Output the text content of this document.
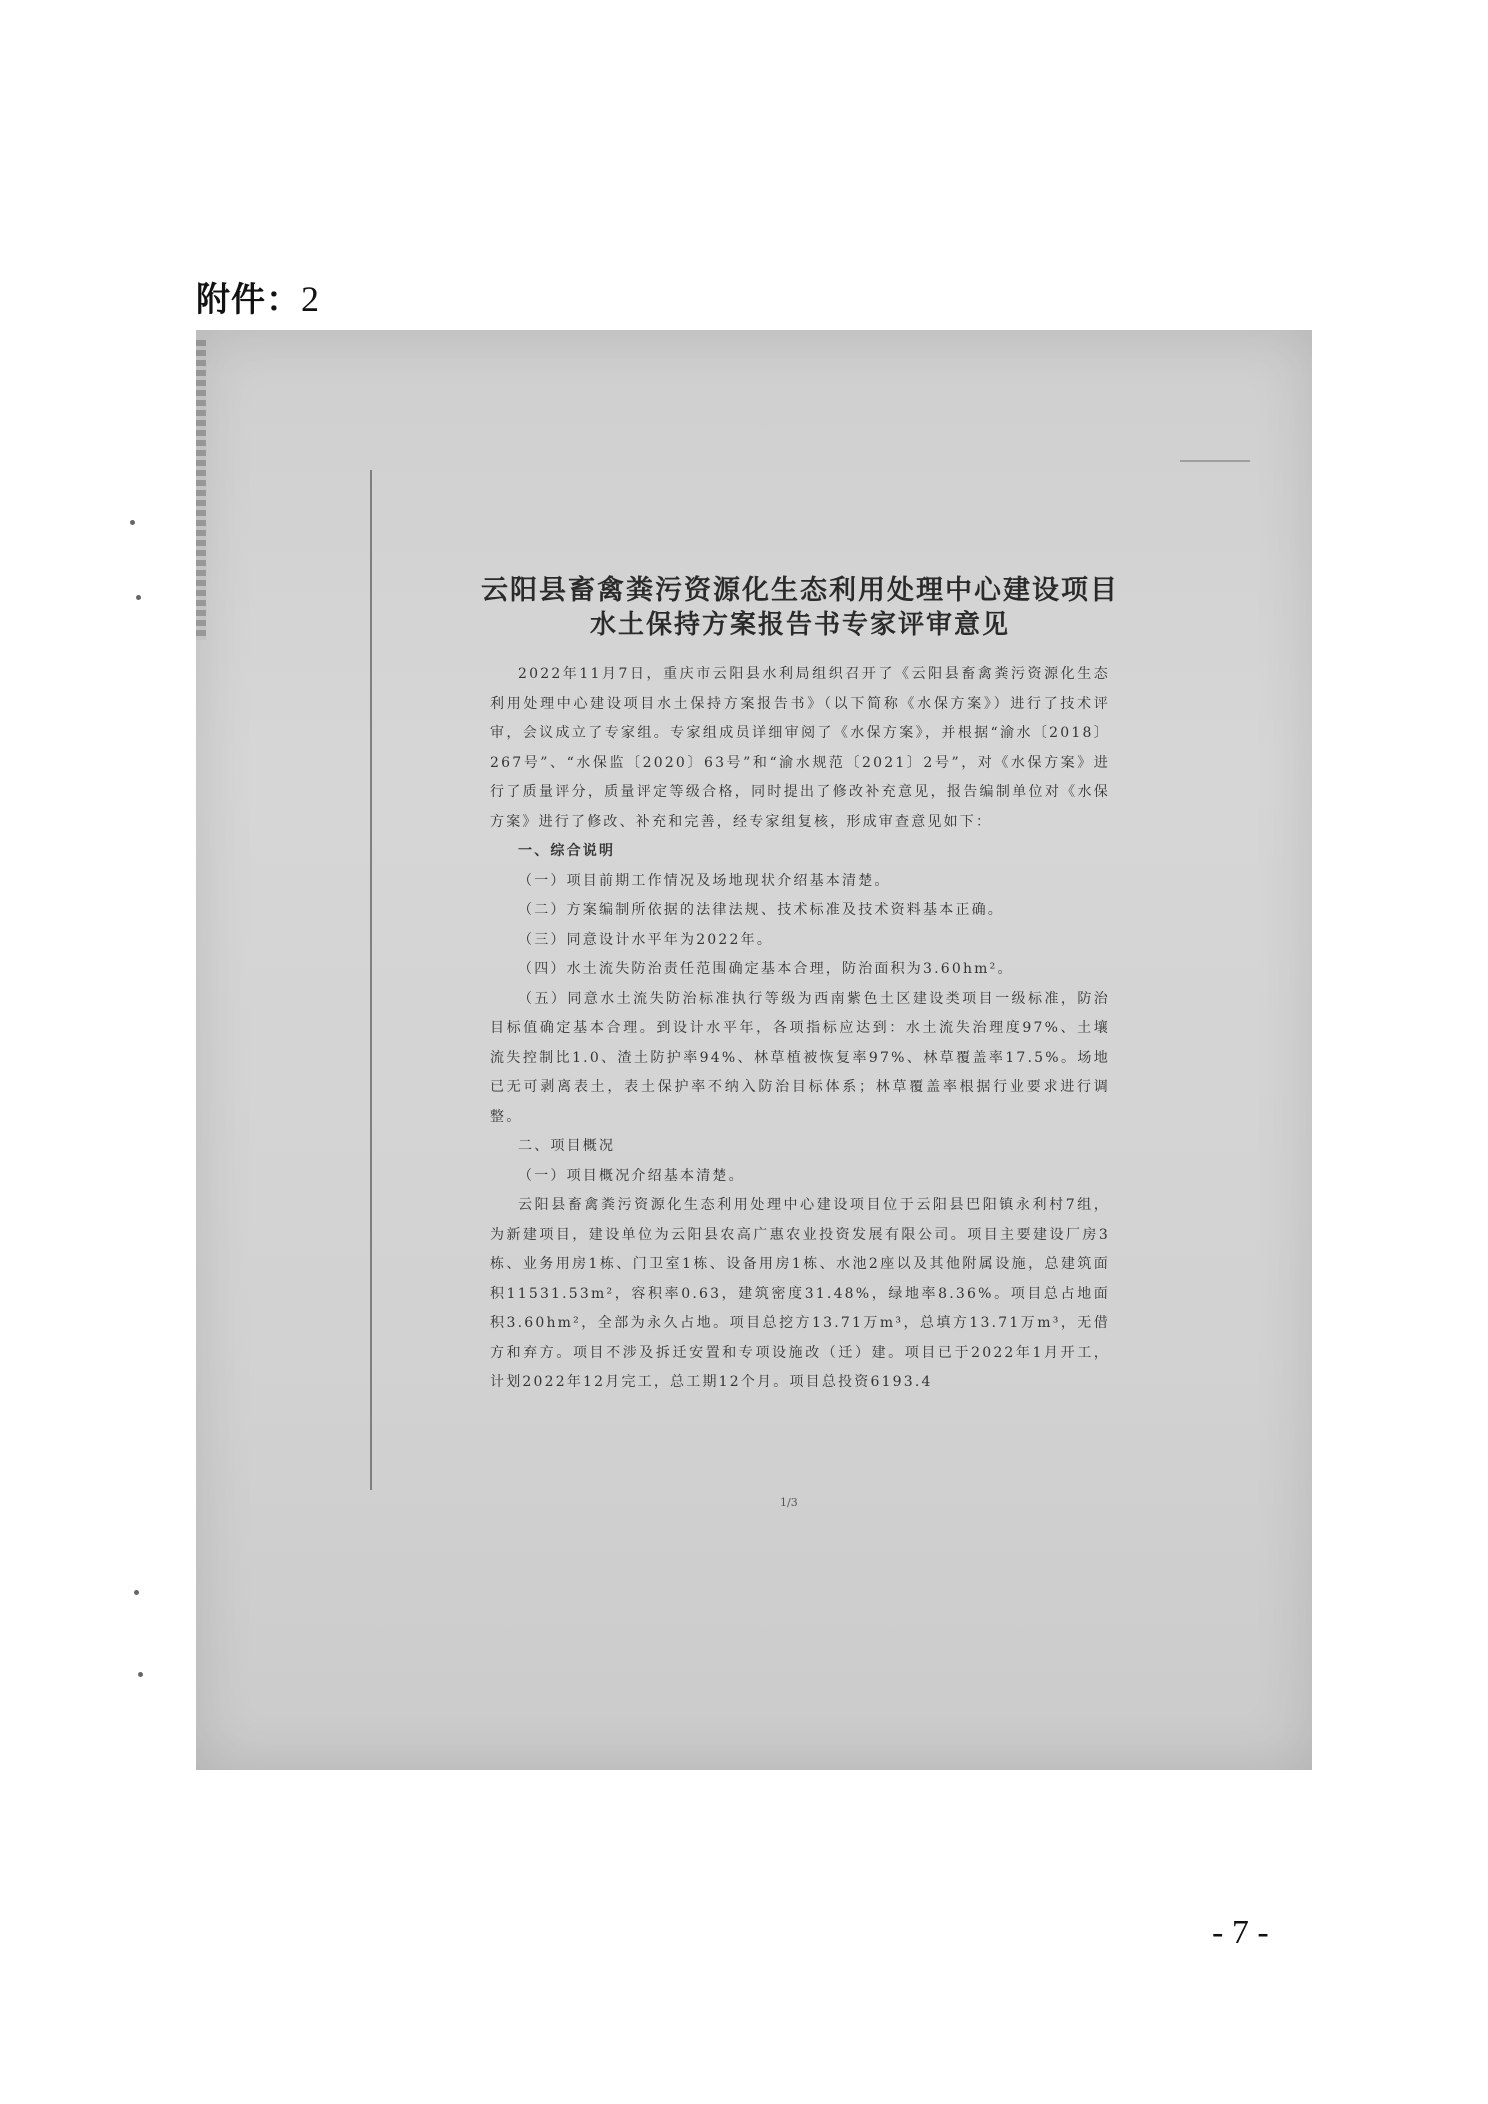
附件：2
云阳县畜禽粪污资源化生态利用处理中心建设项目
水土保持方案报告书专家评审意见

2022年11月7日，重庆市云阳县水利局组织召开了《云阳县畜禽粪污资源化生态利用处理中心建设项目水土保持方案报告书》（以下简称《水保方案》）进行了技术评审，会议成立了专家组。专家组成员详细审阅了《水保方案》，并根据“渝水〔2018〕267号”、“水保监〔2020〕63号”和“渝水规范〔2021〕2号”，对《水保方案》进行了质量评分，质量评定等级合格，同时提出了修改补充意见，报告编制单位对《水保方案》进行了修改、补充和完善，经专家组复核，形成审查意见如下：

一、综合说明

（一）项目前期工作情况及场地现状介绍基本清楚。

（二）方案编制所依据的法律法规、技术标准及技术资料基本正确。

（三）同意设计水平年为2022年。

（四）水土流失防治责任范围确定基本合理，防治面积为3.60hm²。

（五）同意水土流失防治标准执行等级为西南紫色土区建设类项目一级标准，防治目标值确定基本合理。到设计水平年，各项指标应达到：水土流失治理度97%、土壤流失控制比1.0、渣土防护率94%、林草植被恢复率97%、林草覆盖率17.5%。场地已无可剥离表土，表土保护率不纳入防治目标体系；林草覆盖率根据行业要求进行调整。

二、项目概况

（一）项目概况介绍基本清楚。

云阳县畜禽粪污资源化生态利用处理中心建设项目位于云阳县巴阳镇永利村7组，为新建项目，建设单位为云阳县农高广惠农业投资发展有限公司。项目主要建设厂房3栋、业务用房1栋、门卫室1栋、设备用房1栋、水池2座以及其他附属设施，总建筑面积11531.53m²，容积率0.63，建筑密度31.48%，绿地率8.36%。项目总占地面积3.60hm²，全部为永久占地。项目总挖方13.71万m³，总填方13.71万m³，无借方和弃方。项目不涉及拆迁安置和专项设施改（迁）建。项目已于2022年1月开工，计划2022年12月完工，总工期12个月。项目总投资6193.4

1/3
- 7 -
